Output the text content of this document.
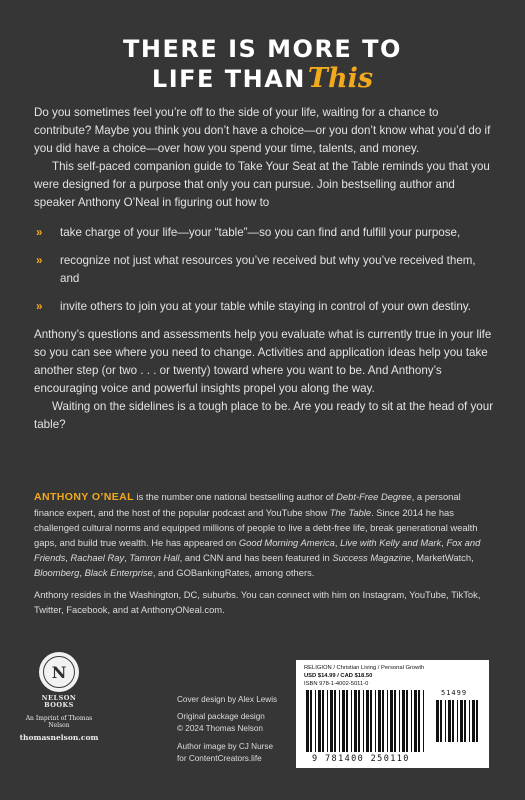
THERE IS MORE TO
LIFE THANThis

Do you sometimes feel you’re off to the side of your life, waiting for a chance to contribute? Maybe you think you don’t have a choice—or you don’t know what you’d do if you did have a choice—over how you spend your time, talents, and money.

This self-paced companion guide to Take Your Seat at the Table reminds you that you were designed for a purpose that only you can pursue. Join bestselling author and speaker Anthony O’Neal in figuring out how to

» take charge of your life—your “table”—so you can find and fulfill your purpose,
» recognize not just what resources you’ve received but why you’ve received them, and
» invite others to join you at your table while staying in control of your own destiny.

Anthony’s questions and assessments help you evaluate what is currently true in your life so you can see where you need to change. Activities and application ideas help you take another step (or two . . . or twenty) toward where you want to be. And Anthony’s encouraging voice and powerful insights propel you along the way.

Waiting on the sidelines is a tough place to be. Are you ready to sit at the head of your table?

ANTHONY O’NEAL is the number one national bestselling author of Debt-Free Degree, a personal finance expert, and the host of the popular podcast and YouTube show The Table. Since 2014 he has challenged cultural norms and equipped millions of people to live a debt-free life, break generational wealth gaps, and build true wealth. He has appeared on Good Morning America, Live with Kelly and Mark, Fox and Friends, Rachael Ray, Tamron Hall, and CNN and has been featured in Success Magazine, MarketWatch, Bloomberg, Black Enterprise, and GOBankingRates, among others.

Anthony resides in the Washington, DC, suburbs. You can connect with him on Instagram, YouTube, TikTok, Twitter, Facebook, and at AnthonyONeal.com.

N
NELSON
BOOKS
An Imprint of Thomas Nelson
thomasnelson.com
Cover design by Alex Lewis
Original package design
© 2024 Thomas Nelson
Author image by CJ Nurse
for ContentCreators.life
RELIGION / Christian Living / Personal Growth
USD $14.99 / CAD $18.50
ISBN 978-1-4002-5011-0
9 781400 250110
51499
